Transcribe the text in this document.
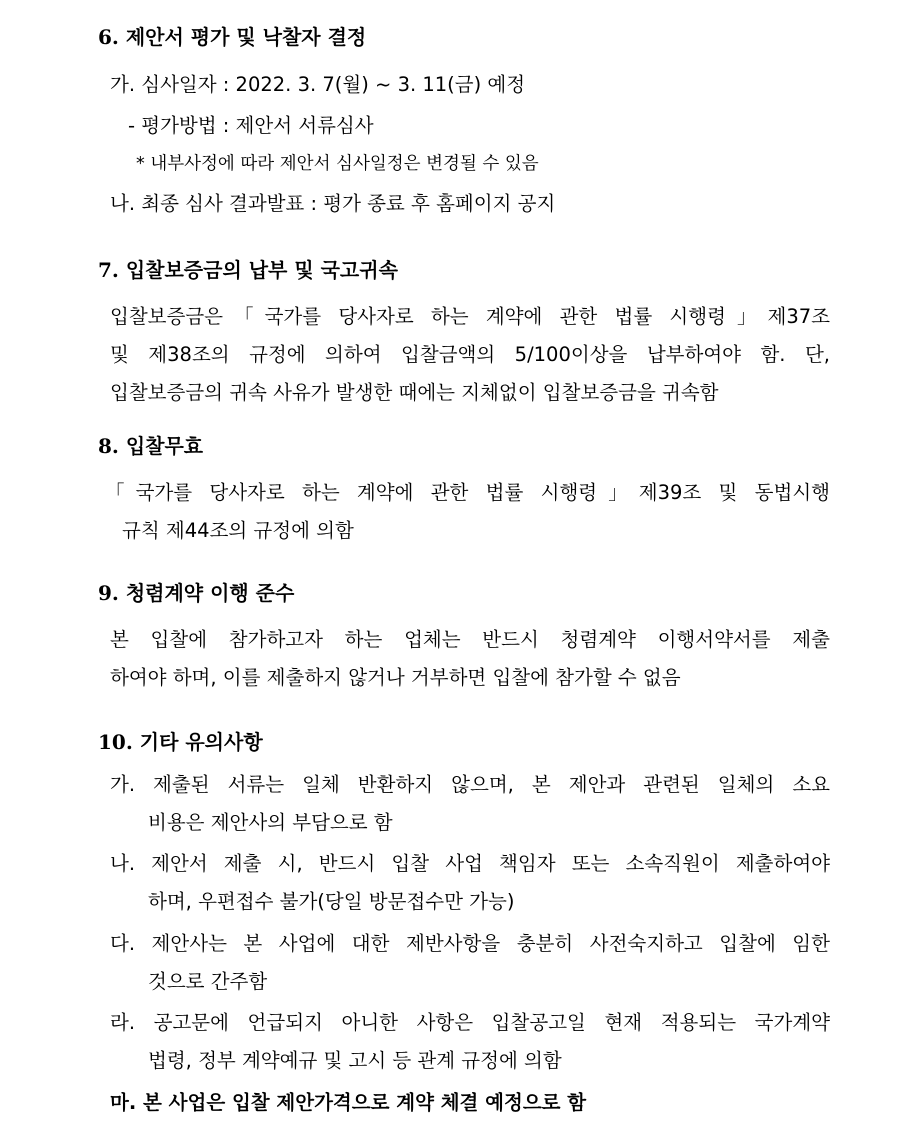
6. 제안서 평가 및 낙찰자 결정
가. 심사일자 : 2022. 3. 7(월) ~ 3. 11(금) 예정
- 평가방법 : 제안서 서류심사
* 내부사정에 따라 제안서 심사일정은 변경될 수 있음
나. 최종 심사 결과발표 : 평가 종료 후 홈페이지 공지
7. 입찰보증금의 납부 및 국고귀속
입찰보증금은「국가를 당사자로 하는 계약에 관한 법률 시행령」제37조
및 제38조의 규정에 의하여 입찰금액의 5/100이상을 납부하여야 함. 단,
입찰보증금의 귀속 사유가 발생한 때에는 지체없이 입찰보증금을 귀속함
8. 입찰무효
「국가를 당사자로 하는 계약에 관한 법률 시행령」제39조 및 동법시행
규칙 제44조의 규정에 의함
9. 청렴계약 이행 준수
본 입찰에 참가하고자 하는 업체는 반드시 청렴계약 이행서약서를 제출
하여야 하며, 이를 제출하지 않거나 거부하면 입찰에 참가할 수 없음
10. 기타 유의사항
가. 제출된 서류는 일체 반환하지 않으며, 본 제안과 관련된 일체의 소요
비용은 제안사의 부담으로 함
나. 제안서 제출 시, 반드시 입찰 사업 책임자 또는 소속직원이 제출하여야
하며, 우편접수 불가(당일 방문접수만 가능)
다. 제안사는 본 사업에 대한 제반사항을 충분히 사전숙지하고 입찰에 임한
것으로 간주함
라. 공고문에 언급되지 아니한 사항은 입찰공고일 현재 적용되는 국가계약
법령, 정부 계약예규 및 고시 등 관계 규정에 의함
마. 본 사업은 입찰 제안가격으로 계약 체결 예정으로 함
